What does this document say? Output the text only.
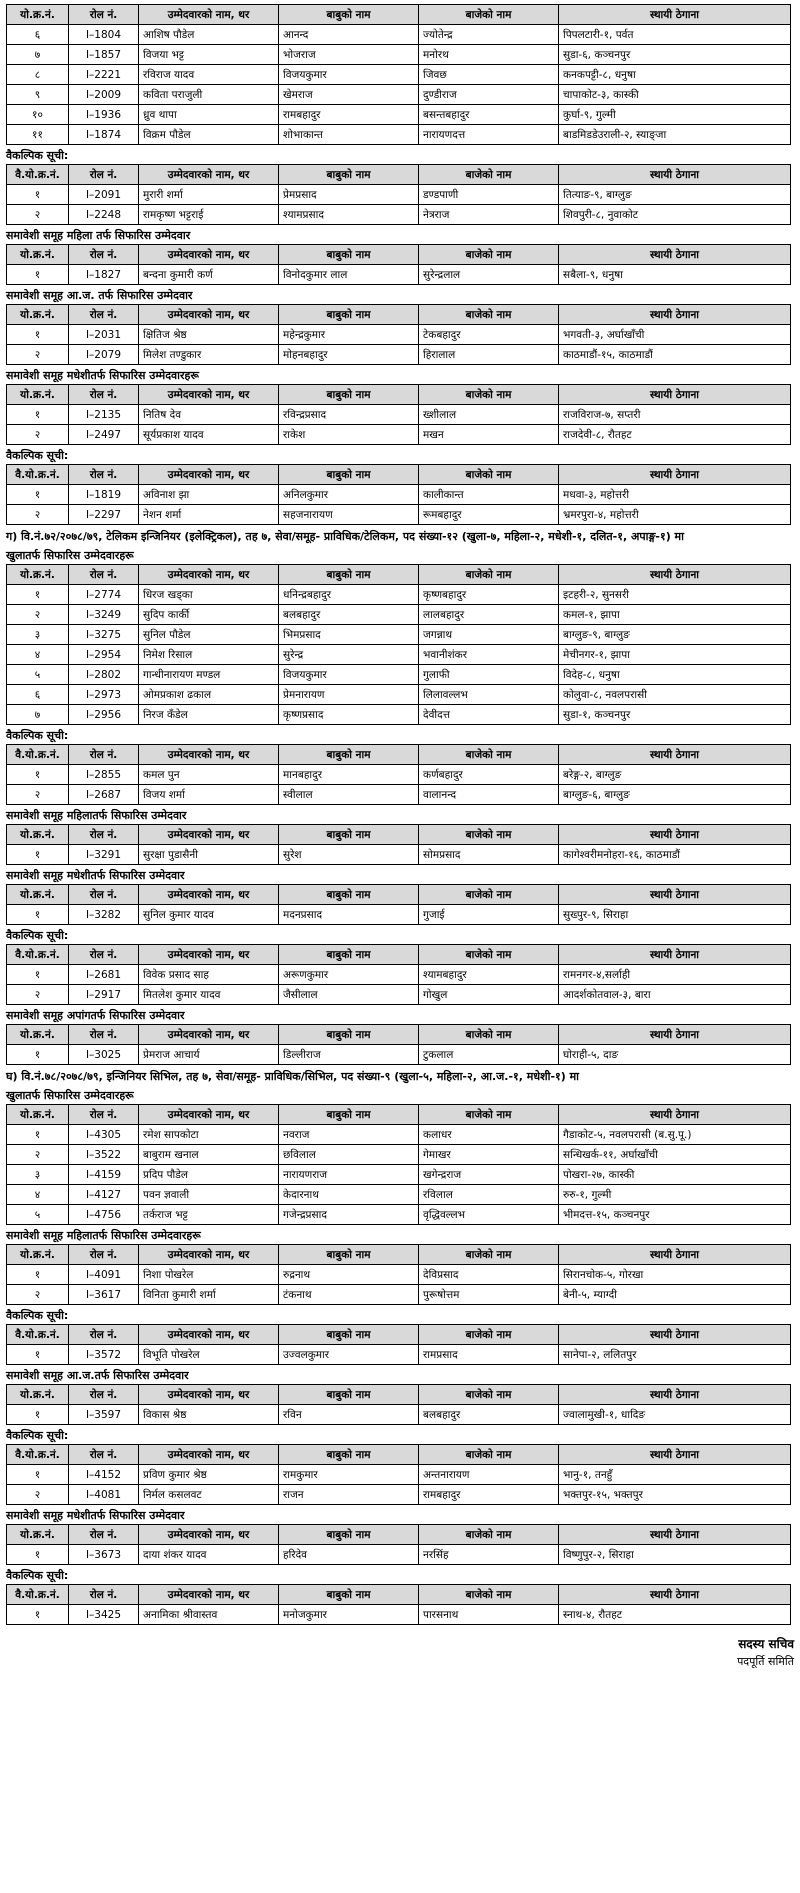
यो.क्र.नं.	रोल नं.	उम्मेदवारको नाम, थर	बाबुको नाम	बाजेको नाम	स्थायी ठेगाना
६	I–1804	आशिष पौडेल	आनन्द	ज्योतेन्द्र	पिपलटारी-१, पर्वत
७	I–1857	विजया भट्ट	भोजराज	मनोरथ	सुडा-६, कञ्चनपुर
८	I–2221	रविराज यादव	विजयकुमार	जिवछ	कनकपट्टी-८, धनुषा
९	I–2009	कविता पराजुली	खेमराज	दुण्डीराज	चापाकोट-३, कास्की
१०	I–1936	ध्रुव थापा	रामबहादुर	बसन्तबहादुर	कुर्घा-९, गुल्मी
११	I–1874	विक्रम पौडेल	शोभाकान्त	नारायणदत्त	बाडमिडडेउराली-२, स्याङ्जा
वैकल्पिक सूची:
वै.यो.क्र.नं.	रोल नं.	उम्मेदवारको नाम, थर	बाबुको नाम	बाजेको नाम	स्थायी ठेगाना
१	I–2091	मुरारी शर्मा	प्रेमप्रसाद	डण्डपाणी	तित्याङ-९, बाग्लुङ
२	I–2248	रामकृष्ण भट्टराई	श्यामप्रसाद	नेत्रराज	शिवपुरी-८, नुवाकोट
समावेशी समूह महिला तर्फ सिफारिस उम्मेदवार
यो.क्र.नं.	रोल नं.	उम्मेदवारको नाम, थर	बाबुको नाम	बाजेको नाम	स्थायी ठेगाना
१	I–1827	बन्दना कुमारी कर्ण	विनोदकुमार लाल	सुरेन्द्रलाल	सबैला-९, धनुषा
समावेशी समूह आ.ज. तर्फ सिफारिस उम्मेदवार
यो.क्र.नं.	रोल नं.	उम्मेदवारको नाम, थर	बाबुको नाम	बाजेको नाम	स्थायी ठेगाना
१	I–2031	क्षितिज श्रेष्ठ	महेन्द्रकुमार	टेकबहादुर	भगवती-३, अर्घाखाँची
२	I–2079	मिलेश तण्डुकार	मोहनबहादुर	हिरालाल	काठमाडौं-१५, काठमाडौं
समावेशी समूह मधेशीतर्फ सिफारिस उम्मेदवारहरू
यो.क्र.नं.	रोल नं.	उम्मेदवारको नाम, थर	बाबुको नाम	बाजेको नाम	स्थायी ठेगाना
१	I–2135	नितिष देव	रविन्द्रप्रसाद	ख्शीलाल	राजविराज-७, सप्तरी
२	I–2497	सूर्यप्रकाश यादव	राकेश	मखन	राजदेवी-८, रौतहट
वैकल्पिक सूची:
वै.यो.क्र.नं.	रोल नं.	उम्मेदवारको नाम, थर	बाबुको नाम	बाजेको नाम	स्थायी ठेगाना
१	I–1819	अविनाश झा	अनिलकुमार	कालीकान्त	मधवा-३, महोत्तरी
२	I–2297	नेशन शर्मा	सहजनारायण	रूमबहादुर	भ्रमरपुरा-४, महोत्तरी
ग) वि.नं.७२/२०७८/७९, टेलिकम इन्जिनियर (इलेक्ट्रिकल), तह ७, सेवा/समूह- प्राविधिक/टेलिकम, पद संख्या-१२ (खुला-७, महिला-२, मधेशी-१, दलित-१, अपाङ्ग-१) मा
खुलातर्फ सिफारिस उम्मेदवारहरू
यो.क्र.नं.	रोल नं.	उम्मेदवारको नाम, थर	बाबुको नाम	बाजेको नाम	स्थायी ठेगाना
१	I–2774	धिरज खड्का	धनिन्द्रबहादुर	कृष्णबहादुर	इटहरी-२, सुनसरी
२	I–3249	सुदिप कार्की	बलबहादुर	लालबहादुर	कमल-१, झापा
३	I–3275	सुनिल पौडेल	भिमप्रसाद	जगन्नाथ	बाग्लुङ-९, बाग्लुङ
४	I–2954	निमेश रिसाल	सुरेन्द्र	भवानीशंकर	मेचीनगर-१, झापा
५	I–2802	गान्धीनारायण मण्डल	विजयकुमार	गुलाफी	विदेह-८, धनुषा
६	I–2973	ओमप्रकाश ढकाल	प्रेमनारायण	लिलावल्लभ	कोलुवा-८, नवलपरासी
७	I–2956	निरज कँडेल	कृष्णप्रसाद	देवीदत्त	सुडा-१, कञ्चनपुर
वैकल्पिक सूची:
वै.यो.क्र.नं.	रोल नं.	उम्मेदवारको नाम, थर	बाबुको नाम	बाजेको नाम	स्थायी ठेगाना
१	I–2855	कमल पुन	मानबहादुर	कर्णबहादुर	बरेङ्ग-२, बाग्लुङ
२	I–2687	विजय शर्मा	स्वीलाल	वालानन्द	बाग्लुङ-६, बाग्लुङ
समावेशी समूह महिलातर्फ सिफारिस उम्मेदवार
यो.क्र.नं.	रोल नं.	उम्मेदवारको नाम, थर	बाबुको नाम	बाजेको नाम	स्थायी ठेगाना
१	I–3291	सुरक्षा पुडासैनी	सुरेश	सोमप्रसाद	कागेश्वरीमनोहरा-१६, काठमाडौं
समावेशी समूह मधेशीतर्फ सिफारिस उम्मेदवार
यो.क्र.नं.	रोल नं.	उम्मेदवारको नाम, थर	बाबुको नाम	बाजेको नाम	स्थायी ठेगाना
१	I–3282	सुनिल कुमार यादव	मदनप्रसाद	गुजाई	सुख्पुर-९, सिराहा
वैकल्पिक सूची:
वै.यो.क्र.नं.	रोल नं.	उम्मेदवारको नाम, थर	बाबुको नाम	बाजेको नाम	स्थायी ठेगाना
१	I–2681	विवेक प्रसाद साह	अरूणकुमार	श्यामबहादुर	रामनगर-४,सर्लाही
२	I–2917	मितलेश कुमार यादव	जैसीलाल	गोखुल	आदर्शकोतवाल-३, बारा
समावेशी समूह अपांगतर्फ सिफारिस उम्मेदवार
यो.क्र.नं.	रोल नं.	उम्मेदवारको नाम, थर	बाबुको नाम	बाजेको नाम	स्थायी ठेगाना
१	I–3025	प्रेमराज आचार्य	डिल्लीराज	टुकलाल	घोराही-५, दाङ
घ) वि.नं.७८/२०७८/७९, इन्जिनियर सिभिल, तह ७, सेवा/समूह- प्राविधिक/सिभिल, पद संख्या-९ (खुला-५, महिला-२, आ.ज.-१, मधेशी-१) मा
खुलातर्फ सिफारिस उम्मेदवारहरू
यो.क्र.नं.	रोल नं.	उम्मेदवारको नाम, थर	बाबुको नाम	बाजेको नाम	स्थायी ठेगाना
१	I–4305	रमेश सापकोटा	नवराज	कलाधर	गैडाकोट-५, नवलपरासी (ब.सु.पू.)
२	I–3522	बाबुराम खनाल	छविलाल	गेमाखर	सन्धिखर्क-११, अर्घाखाँची
३	I–4159	प्रदिप पौडेल	नारायणराज	खगेन्द्रराज	पोखरा-२७, कास्की
४	I–4127	पवन ज्ञवाली	केदारनाथ	रविलाल	रुरु-१, गुल्मी
५	I–4756	तर्कराज भट्ट	गजेन्द्रप्रसाद	वृद्धिवल्लभ	भीमदत्त-१५, कञ्चनपुर
समावेशी समूह महिलातर्फ सिफारिस उम्मेदवारहरू
यो.क्र.नं.	रोल नं.	उम्मेदवारको नाम, थर	बाबुको नाम	बाजेको नाम	स्थायी ठेगाना
१	I–4091	निशा पोखरेल	रुद्रनाथ	देविप्रसाद	सिरानचोक-५, गोरखा
२	I–3617	विनिता कुमारी शर्मा	टंकनाथ	पुरूषोत्तम	बेनी-५, म्याग्दी
वैकल्पिक सूची:
वै.यो.क्र.नं.	रोल नं.	उम्मेदवारको नाम, थर	बाबुको नाम	बाजेको नाम	स्थायी ठेगाना
१	I–3572	विभूति पोखरेल	उज्वलकुमार	रामप्रसाद	सानेपा-२, ललितपुर
समावेशी समूह आ.ज.तर्फ सिफारिस उम्मेदवार
यो.क्र.नं.	रोल नं.	उम्मेदवारको नाम, थर	बाबुको नाम	बाजेको नाम	स्थायी ठेगाना
१	I–3597	विकास श्रेष्ठ	रविन	बलबहादुर	ज्वालामुखी-१, धादिङ
वैकल्पिक सूची:
वै.यो.क्र.नं.	रोल नं.	उम्मेदवारको नाम, थर	बाबुको नाम	बाजेको नाम	स्थायी ठेगाना
१	I–4152	प्रविण कुमार श्रेष्ठ	रामकुमार	अन्तनारायण	भानु-१, तनहुँ
२	I–4081	निर्मल कसलवट	राजन	रामबहादुर	भक्तपुर-१५, भक्तपुर
समावेशी समूह मधेशीतर्फ सिफारिस उम्मेदवार
यो.क्र.नं.	रोल नं.	उम्मेदवारको नाम, थर	बाबुको नाम	बाजेको नाम	स्थायी ठेगाना
१	I–3673	दाया शंकर यादव	हरिदेव	नरसिंह	विष्णुपुर-२, सिराहा
वैकल्पिक सूची:
वै.यो.क्र.नं.	रोल नं.	उम्मेदवारको नाम, थर	बाबुको नाम	बाजेको नाम	स्थायी ठेगाना
१	I–3425	अनामिका श्रीवास्तव	मनोजकुमार	पारसनाथ	स्नाथ-४, रौतहट
सदस्य सचिव
पदपूर्ति समिति
